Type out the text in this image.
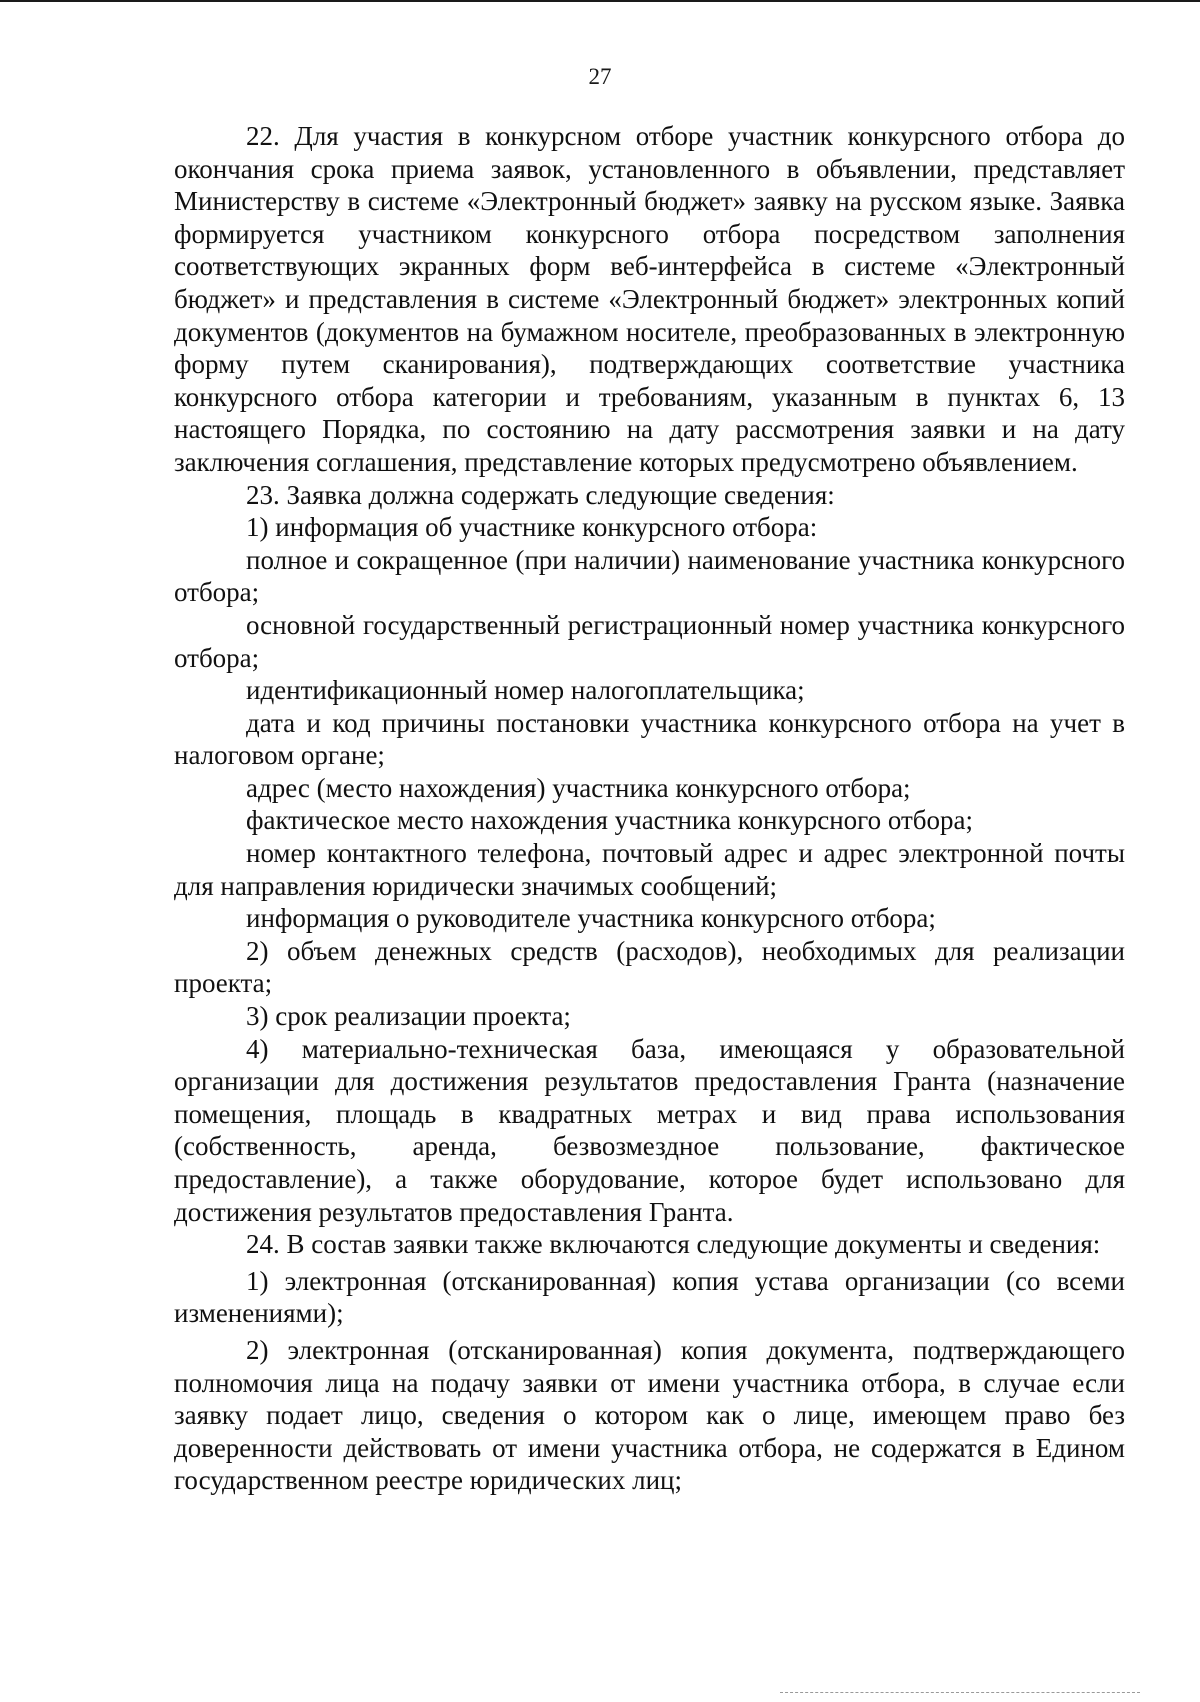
27

22. Для участия в конкурсном отборе участник конкурсного отбора до окончания срока приема заявок, установленного в объявлении, представляет Министерству в системе «Электронный бюджет» заявку на русском языке. Заявка формируется участником конкурсного отбора посредством заполнения соответствующих экранных форм веб-интерфейса в системе «Электронный бюджет» и представления в системе «Электронный бюджет» электронных копий документов (документов на бумажном носителе, преобразованных в электронную форму путем сканирования), подтверждающих соответствие участника конкурсного отбора категории и требованиям, указанным в пунктах 6, 13 настоящего Порядка, по состоянию на дату рассмотрения заявки и на дату заключения соглашения, представление которых предусмотрено объявлением.

23. Заявка должна содержать следующие сведения:

1) информация об участнике конкурсного отбора:

полное и сокращенное (при наличии) наименование участника конкурсного отбора;

основной государственный регистрационный номер участника конкурсного отбора;

идентификационный номер налогоплательщика;

дата и код причины постановки участника конкурсного отбора на учет в налоговом органе;

адрес (место нахождения) участника конкурсного отбора;

фактическое место нахождения участника конкурсного отбора;

номер контактного телефона, почтовый адрес и адрес электронной почты для направления юридически значимых сообщений;

информация о руководителе участника конкурсного отбора;

2) объем денежных средств (расходов), необходимых для реализации проекта;

3) срок реализации проекта;

4) материально-техническая база, имеющаяся у образовательной организации для достижения результатов предоставления Гранта (назначение помещения, площадь в квадратных метрах и вид права использования (собственность, аренда, безвозмездное пользование, фактическое предоставление), а также оборудование, которое будет использовано для достижения результатов предоставления Гранта.

24. В состав заявки также включаются следующие документы и сведения:

1) электронная (отсканированная) копия устава организации (со всеми изменениями);

2) электронная (отсканированная) копия документа, подтверждающего полномочия лица на подачу заявки от имени участника отбора, в случае если заявку подает лицо, сведения о котором как о лице, имеющем право без доверенности действовать от имени участника отбора, не содержатся в Едином государственном реестре юридических лиц;
